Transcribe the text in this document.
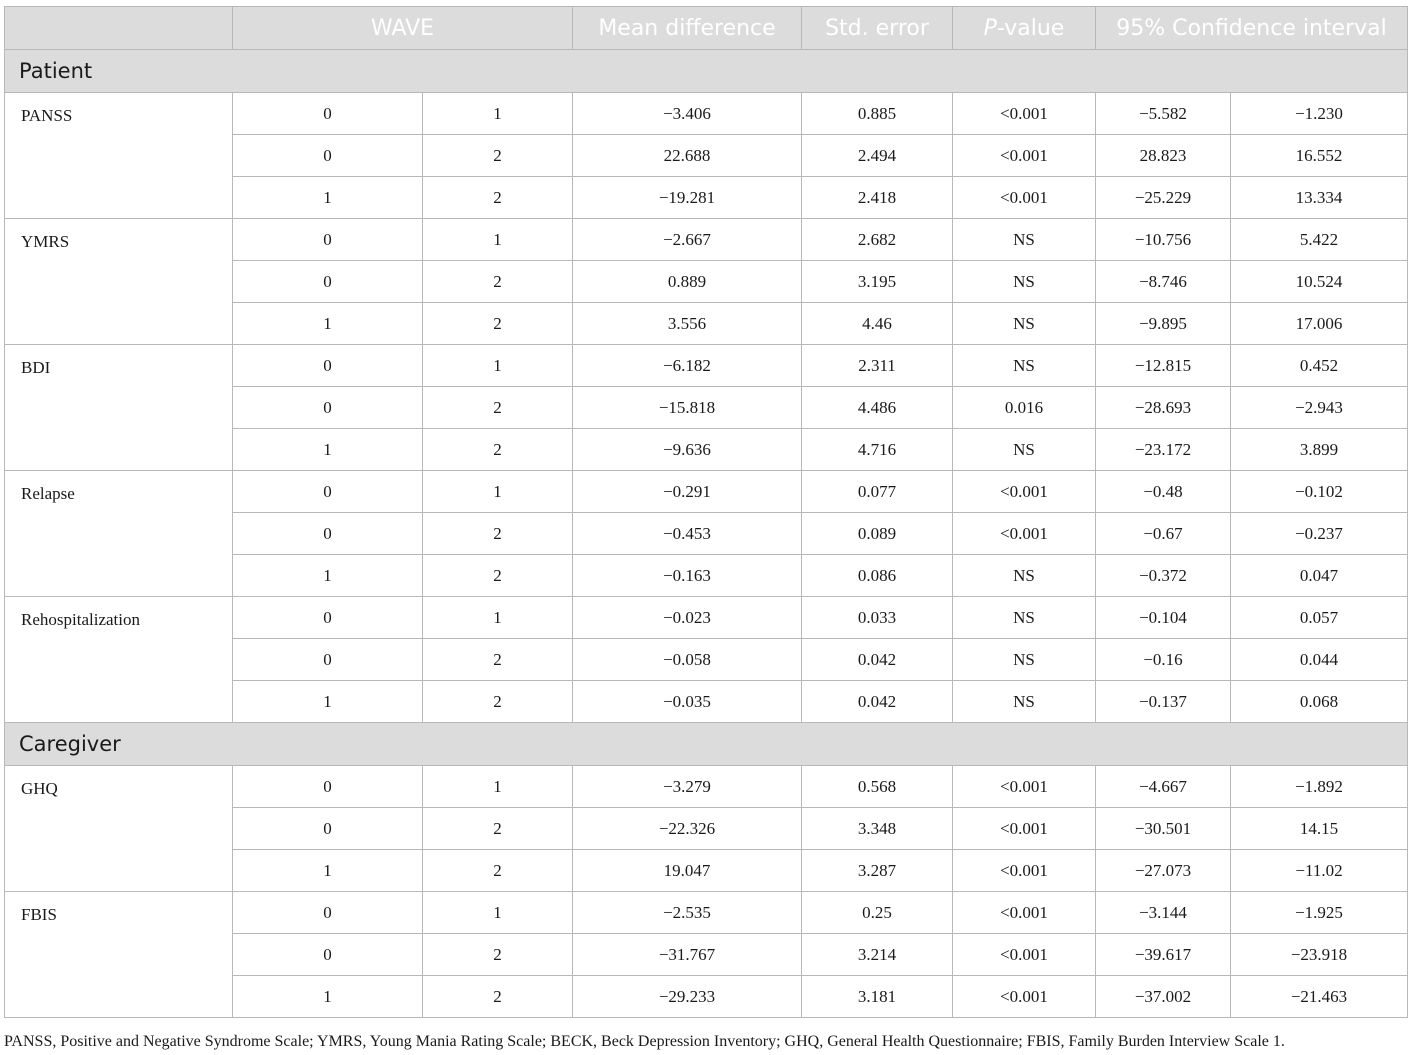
	WAVE		Mean difference	Std. error	P-value	95% Confidence interval	
Patient							
PANSS	0	1	−3.406	0.885	<0.001	−5.582	−1.230
	0	2	22.688	2.494	<0.001	28.823	16.552
	1	2	−19.281	2.418	<0.001	−25.229	13.334
YMRS	0	1	−2.667	2.682	NS	−10.756	5.422
	0	2	0.889	3.195	NS	−8.746	10.524
	1	2	3.556	4.46	NS	−9.895	17.006
BDI	0	1	−6.182	2.311	NS	−12.815	0.452
	0	2	−15.818	4.486	0.016	−28.693	−2.943
	1	2	−9.636	4.716	NS	−23.172	3.899
Relapse	0	1	−0.291	0.077	<0.001	−0.48	−0.102
	0	2	−0.453	0.089	<0.001	−0.67	−0.237
	1	2	−0.163	0.086	NS	−0.372	0.047
Rehospitalization	0	1	−0.023	0.033	NS	−0.104	0.057
	0	2	−0.058	0.042	NS	−0.16	0.044
	1	2	−0.035	0.042	NS	−0.137	0.068
Caregiver							
GHQ	0	1	−3.279	0.568	<0.001	−4.667	−1.892
	0	2	−22.326	3.348	<0.001	−30.501	14.15
	1	2	19.047	3.287	<0.001	−27.073	−11.02
FBIS	0	1	−2.535	0.25	<0.001	−3.144	−1.925
	0	2	−31.767	3.214	<0.001	−39.617	−23.918
	1	2	−29.233	3.181	<0.001	−37.002	−21.463
PANSS, Positive and Negative Syndrome Scale; YMRS, Young Mania Rating Scale; BECK, Beck Depression Inventory; GHQ, General Health Questionnaire; FBIS, Family Burden Interview Scale 1.
